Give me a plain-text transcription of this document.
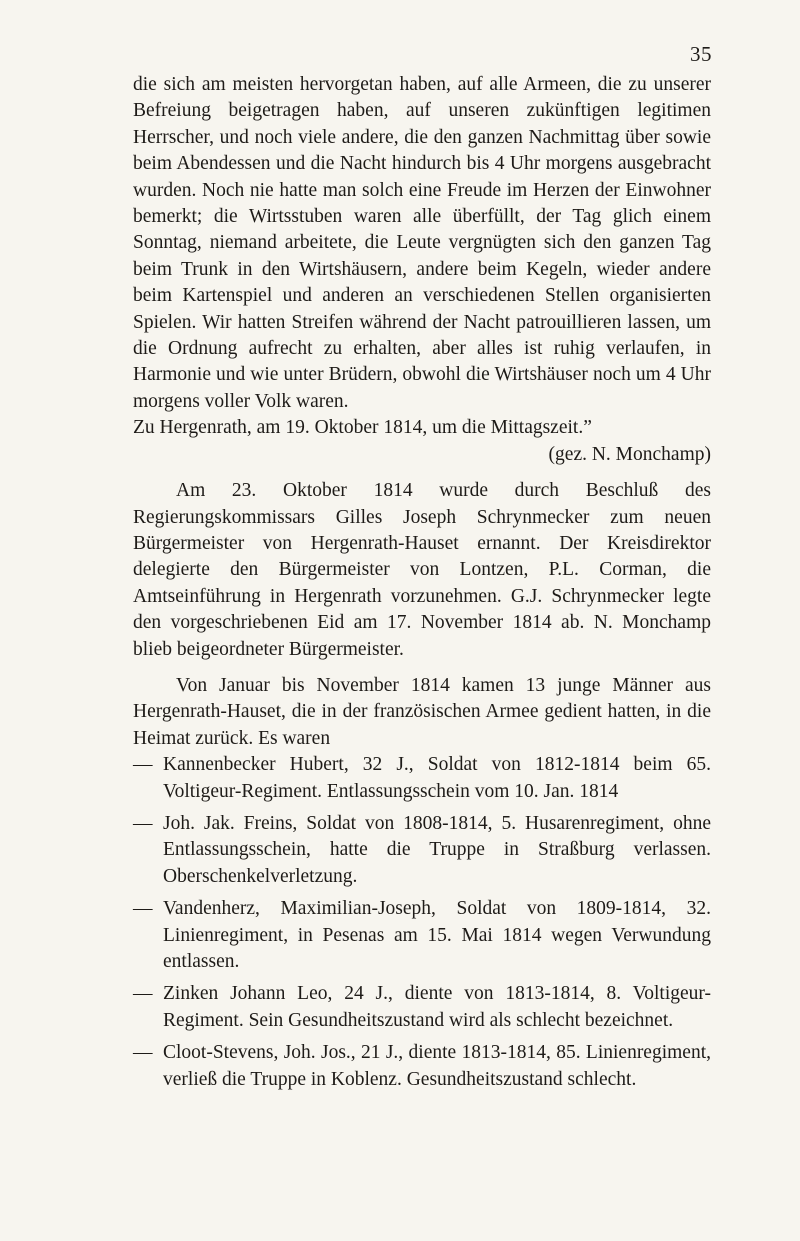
35

die sich am meisten hervorgetan haben, auf alle Armeen, die zu unserer Befreiung beigetragen haben, auf unseren zukünftigen legitimen Herrscher, und noch viele andere, die den ganzen Nachmittag über sowie beim Abendessen und die Nacht hindurch bis 4 Uhr morgens ausgebracht wurden. Noch nie hatte man solch eine Freude im Herzen der Einwohner bemerkt; die Wirtsstuben waren alle überfüllt, der Tag glich einem Sonntag, niemand arbeitete, die Leute vergnügten sich den ganzen Tag beim Trunk in den Wirtshäusern, andere beim Kegeln, wieder andere beim Kartenspiel und anderen an verschiedenen Stellen organisierten Spielen. Wir hatten Streifen während der Nacht patrouillieren lassen, um die Ordnung aufrecht zu erhalten, aber alles ist ruhig verlaufen, in Harmonie und wie unter Brüdern, obwohl die Wirtshäuser noch um 4 Uhr morgens voller Volk waren.

Zu Hergenrath, am 19. Oktober 1814, um die Mittagszeit.”

(gez. N. Monchamp)

Am 23. Oktober 1814 wurde durch Beschluß des Regierungskommissars Gilles Joseph Schrynmecker zum neuen Bürgermeister von Hergenrath-Hauset ernannt. Der Kreisdirektor delegierte den Bürgermeister von Lontzen, P.L. Corman, die Amtseinführung in Hergenrath vorzunehmen. G.J. Schrynmecker legte den vorgeschriebenen Eid am 17. November 1814 ab. N. Monchamp blieb beigeordneter Bürgermeister.

Von Januar bis November 1814 kamen 13 junge Männer aus Hergenrath-Hauset, die in der französischen Armee gedient hatten, in die Heimat zurück. Es waren

— Kannenbecker Hubert, 32 J., Soldat von 1812-1814 beim 65. Voltigeur-Regiment. Entlassungsschein vom 10. Jan. 1814
— Joh. Jak. Freins, Soldat von 1808-1814, 5. Husarenregiment, ohne Entlassungsschein, hatte die Truppe in Straßburg verlassen. Oberschenkelverletzung.
— Vandenherz, Maximilian-Joseph, Soldat von 1809-1814, 32. Linienregiment, in Pesenas am 15. Mai 1814 wegen Verwundung entlassen.
— Zinken Johann Leo, 24 J., diente von 1813-1814, 8. Voltigeur-Regiment. Sein Gesundheitszustand wird als schlecht bezeichnet.
— Cloot-Stevens, Joh. Jos., 21 J., diente 1813-1814, 85. Linienregiment, verließ die Truppe in Koblenz. Gesundheitszustand schlecht.
